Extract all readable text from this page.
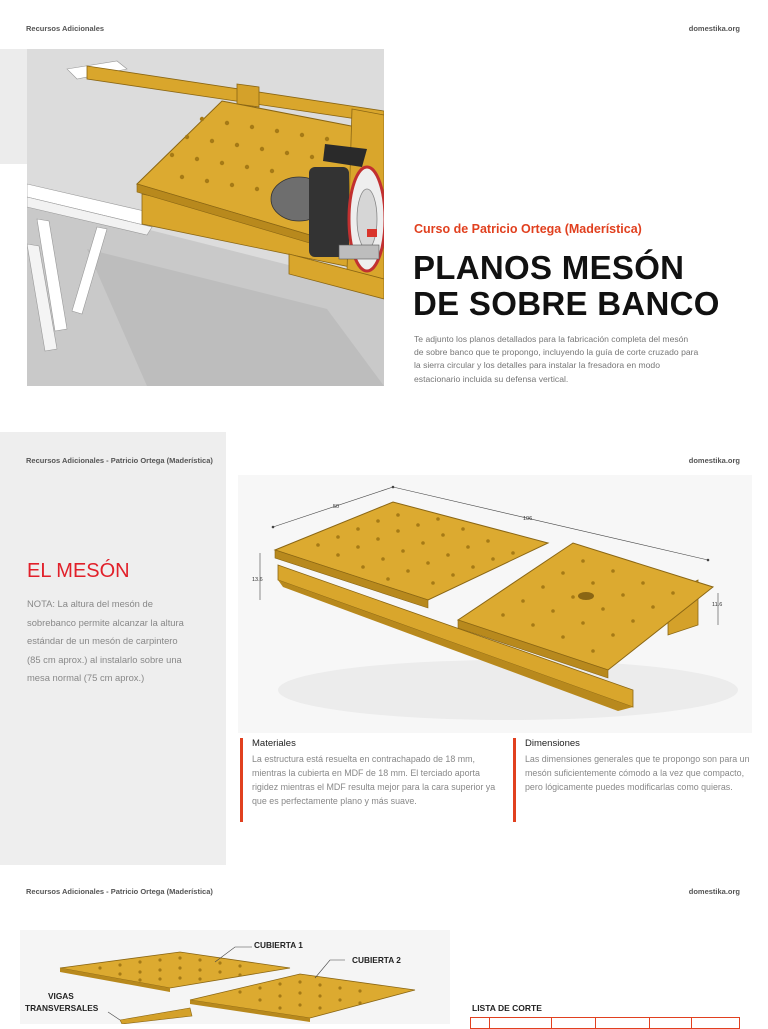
Recursos Adicionales	domestika.org
Curso de Patricio Ortega (Maderística)
PLANOS MESÓN
DE SOBRE BANCO
Te adjunto los planos detallados para la fabricación completa del mesón de sobre banco que te propongo, incluyendo la guía de corte cruzado para la sierra circular y los detalles para instalar la fresadora en modo estacionario incluida su defensa vertical.
Recursos Adicionales - Patricio Ortega (Maderística)	domestika.org
EL MESÓN
NOTA: La altura del mesón de sobrebanco permite alcanzar la altura estándar de un mesón de carpintero (85 cm aprox.) al instalarlo sobre una mesa normal (75 cm aprox.)
50
106
13.6
11.6
Materiales
La estructura está resuelta en contrachapado de 18 mm, mientras la cubierta en MDF de 18 mm. El terciado aporta rigidez mientras el MDF resulta mejor para la cara superior ya que es perfectamente plano y más suave.
Dimensiones
Las dimensiones generales que te propongo son para un mesón suficientemente cómodo a la vez que compacto, pero lógicamente puedes modificarlas como quieras.
Recursos Adicionales - Patricio Ortega (Maderística)	domestika.org
CUBIERTA 1
CUBIERTA 2
VIGAS
TRANSVERSALES	LISTA DE CORTE
